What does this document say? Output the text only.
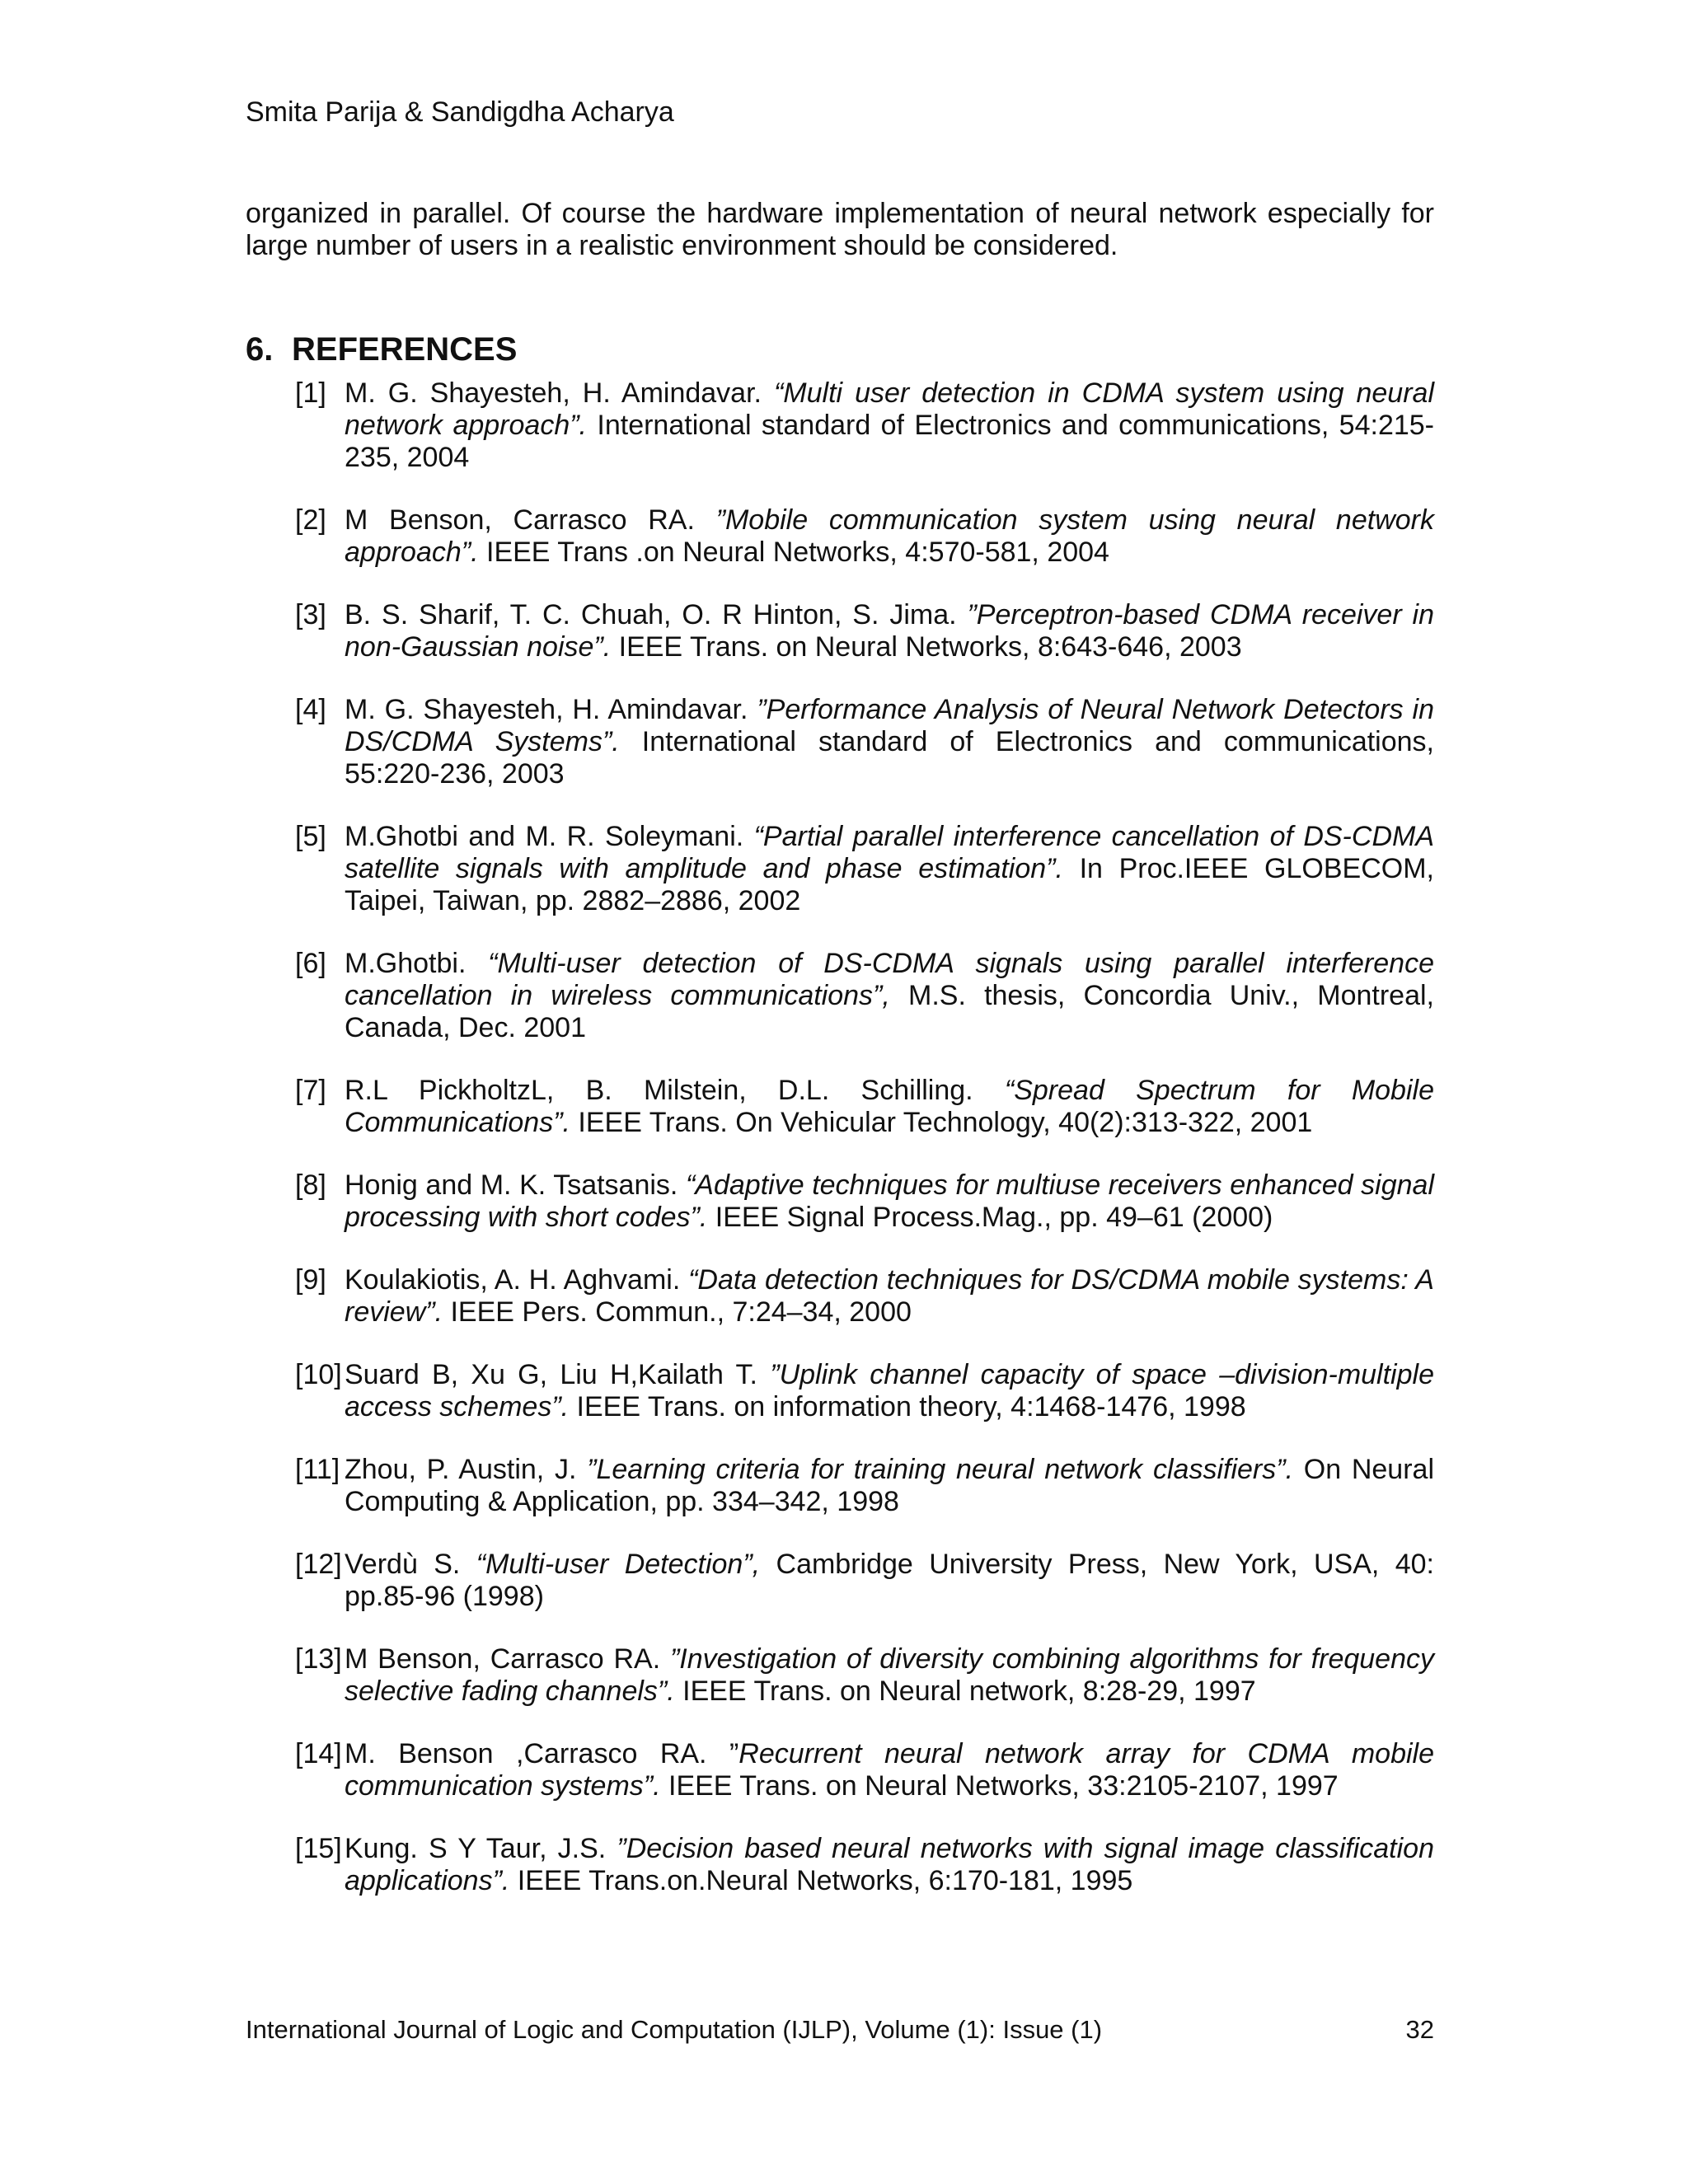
Smita Parija & Sandigdha Acharya

organized in parallel. Of course the hardware implementation of neural network especially for large number of users in a realistic environment should be considered.

6. REFERENCES
[1] M. G. Shayesteh, H. Amindavar. “Multi user detection in CDMA system using neural network approach”. International standard of Electronics and communications, 54:215-235, 2004
[2] M Benson, Carrasco RA. ”Mobile communication system using neural network approach”. IEEE Trans .on Neural Networks, 4:570-581, 2004
[3] B. S. Sharif, T. C. Chuah, O. R Hinton, S. Jima. ”Perceptron-based CDMA receiver in non-Gaussian noise”. IEEE Trans. on Neural Networks, 8:643-646, 2003
[4] M. G. Shayesteh, H. Amindavar. ”Performance Analysis of Neural Network Detectors in DS/CDMA Systems”. International standard of Electronics and communications, 55:220-236, 2003
[5] M.Ghotbi and M. R. Soleymani. “Partial parallel interference cancellation of DS-CDMA satellite signals with amplitude and phase estimation”. In Proc.IEEE GLOBECOM, Taipei, Taiwan, pp. 2882–2886, 2002
[6] M.Ghotbi. “Multi-user detection of DS-CDMA signals using parallel interference cancellation in wireless communications”, M.S. thesis, Concordia Univ., Montreal, Canada, Dec. 2001
[7] R.L PickholtzL, B. Milstein, D.L. Schilling. “Spread Spectrum for Mobile Communications”. IEEE Trans. On Vehicular Technology, 40(2):313-322, 2001
[8] Honig and M. K. Tsatsanis. “Adaptive techniques for multiuse receivers enhanced signal processing with short codes”. IEEE Signal Process.Mag., pp. 49–61 (2000)
[9] Koulakiotis, A. H. Aghvami. “Data detection techniques for DS/CDMA mobile systems: A review”. IEEE Pers. Commun., 7:24–34, 2000
[10] Suard B, Xu G, Liu H,Kailath T. ”Uplink channel capacity of space –division-multiple access schemes”. IEEE Trans. on information theory, 4:1468-1476, 1998
[11] Zhou, P. Austin, J. ”Learning criteria for training neural network classifiers”. On Neural Computing & Application, pp. 334–342, 1998
[12] Verdù S. “Multi-user Detection”, Cambridge University Press, New York, USA, 40: pp.85-96 (1998)
[13] M Benson, Carrasco RA. ”Investigation of diversity combining algorithms for frequency selective fading channels”. IEEE Trans. on Neural network, 8:28-29, 1997
[14] M. Benson ,Carrasco RA. ”Recurrent neural network array for CDMA mobile communication systems”. IEEE Trans. on Neural Networks, 33:2105-2107, 1997
[15] Kung. S Y Taur, J.S. ”Decision based neural networks with signal image classification applications”. IEEE Trans.on.Neural Networks, 6:170-181, 1995
International Journal of Logic and Computation (IJLP), Volume (1): Issue (1)	32
